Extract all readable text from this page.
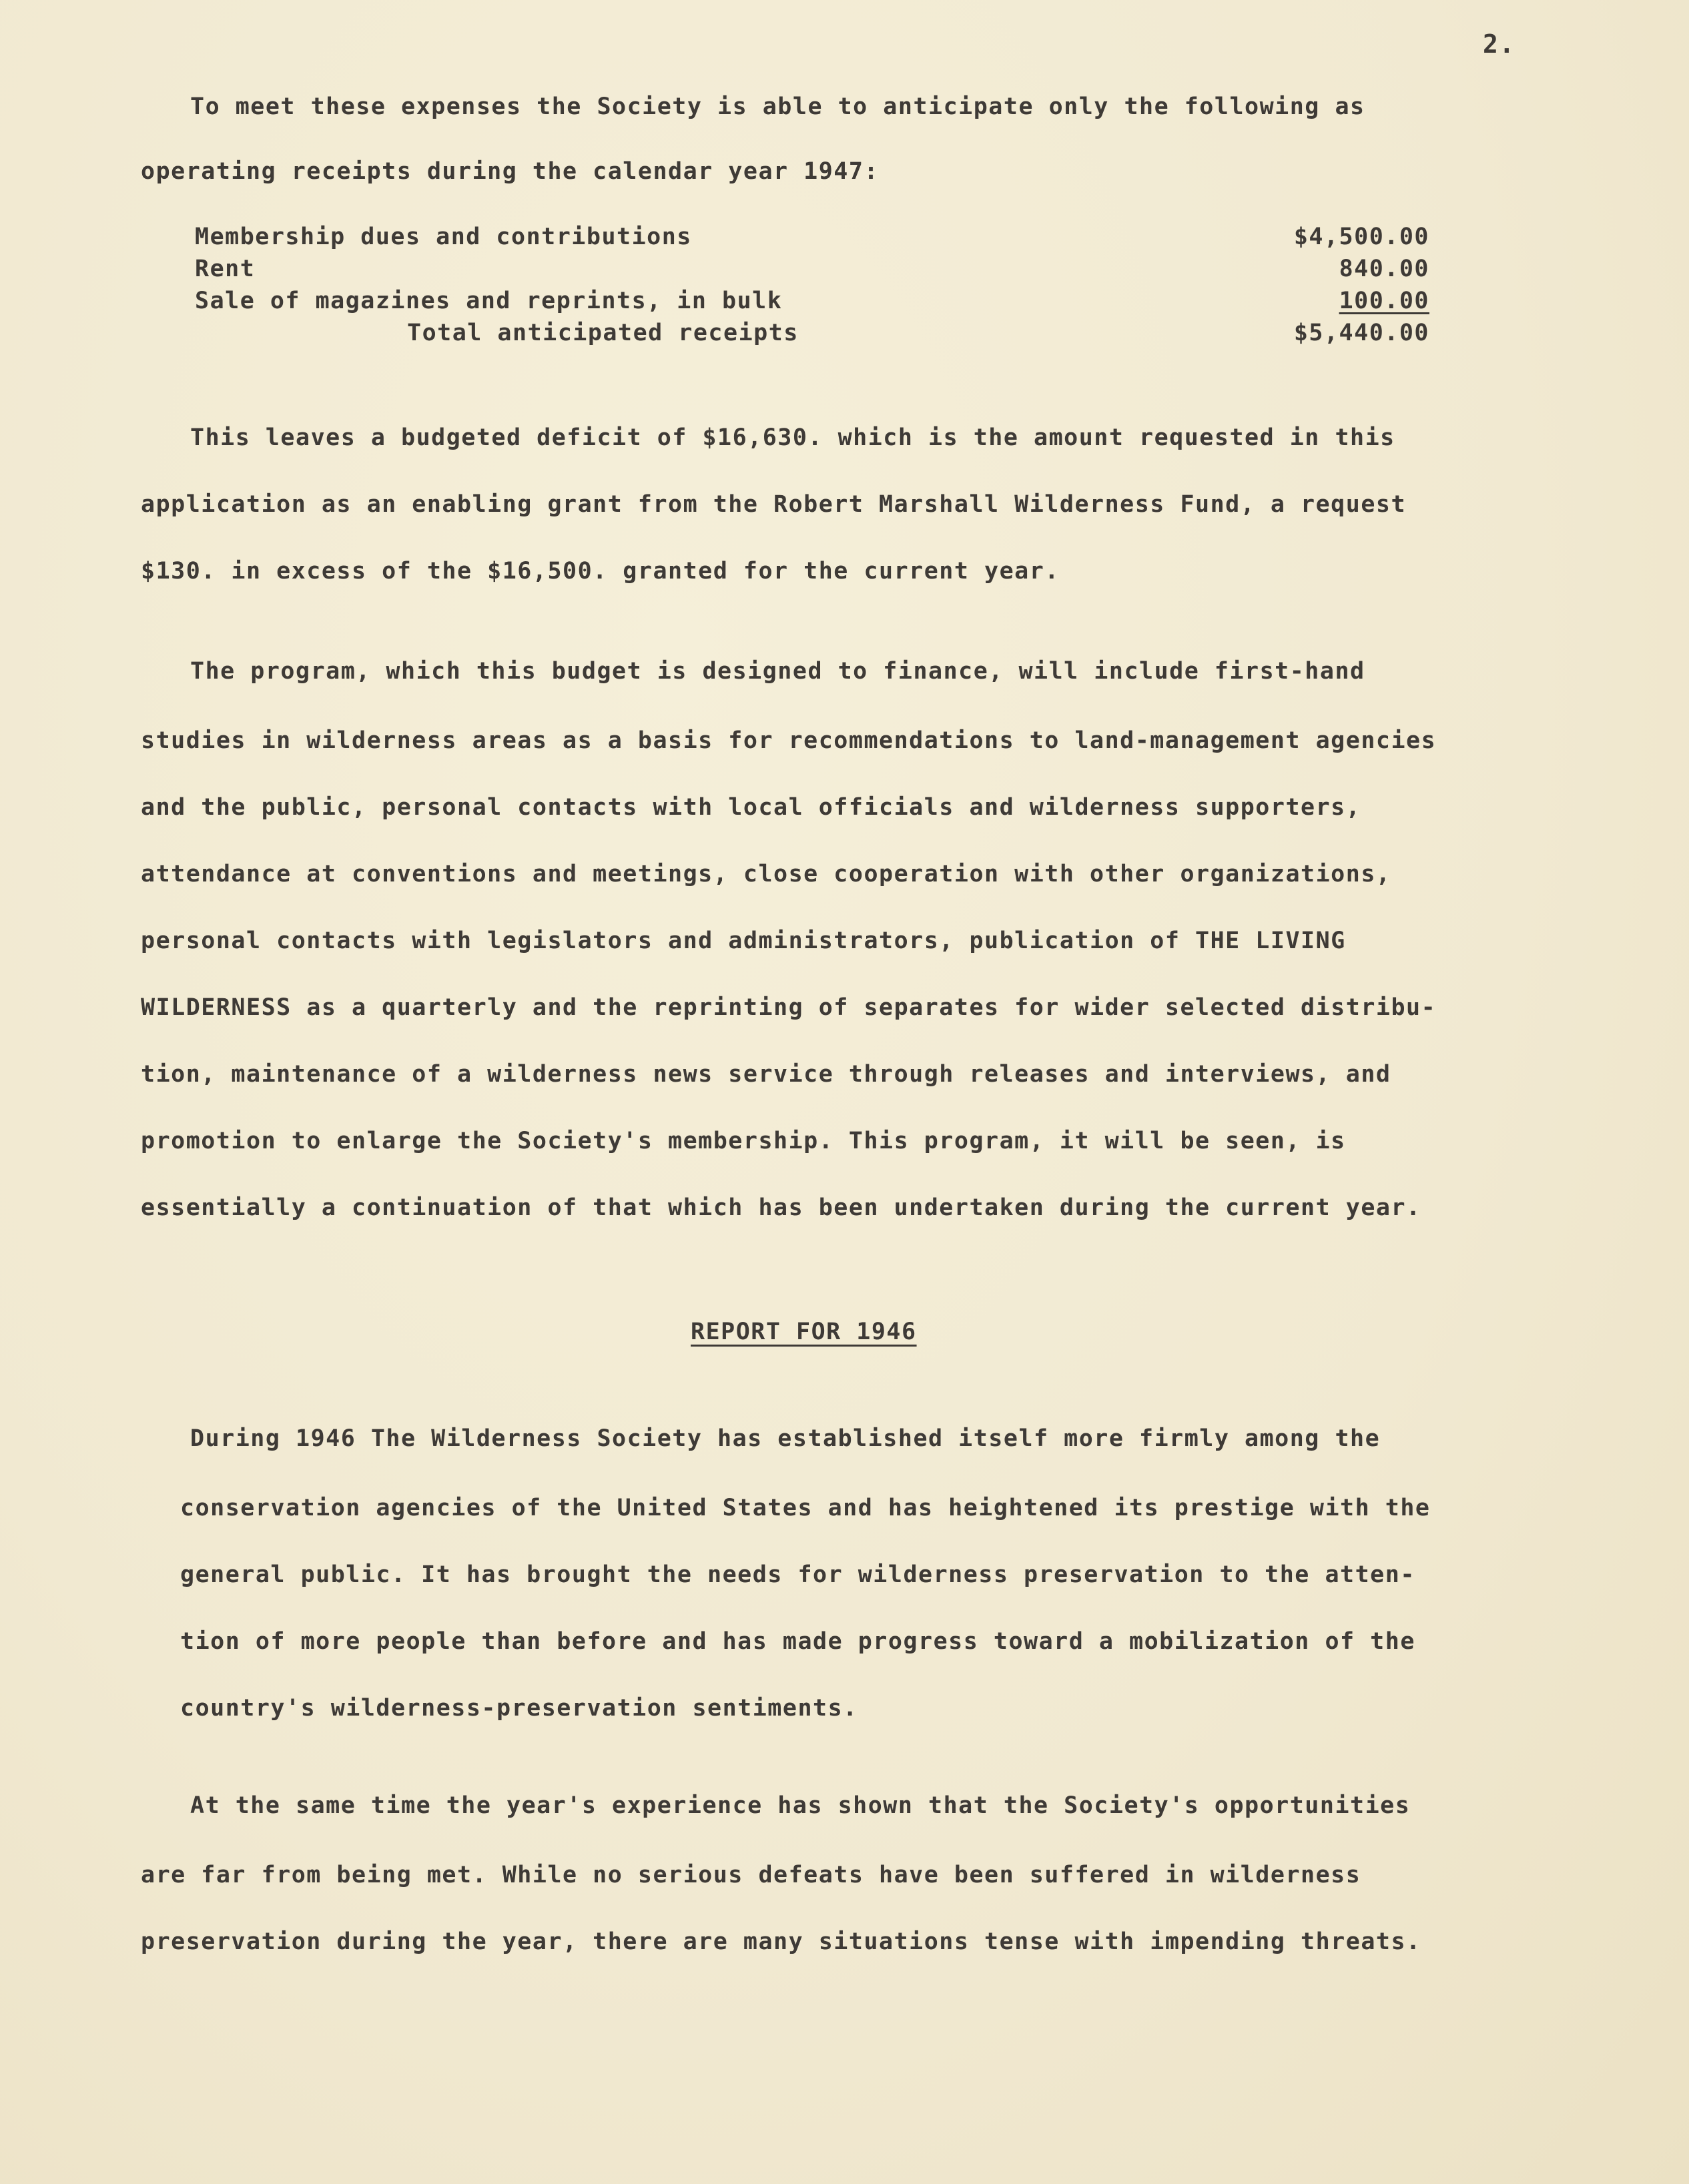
2.
To meet these expenses the Society is able to anticipate only the following as
operating receipts during the calendar year 1947:
Membership dues and contributions	$4,500.00
Rent	840.00
Sale of magazines and reprints, in bulk	100.00
Total anticipated receipts	$5,440.00
This leaves a budgeted deficit of $16,630. which is the amount requested in this
application as an enabling grant from the Robert Marshall Wilderness Fund, a request
$130. in excess of the $16,500. granted for the current year.
The program, which this budget is designed to finance, will include first-hand
studies in wilderness areas as a basis for recommendations to land-management agencies
and the public, personal contacts with local officials and wilderness supporters,
attendance at conventions and meetings, close cooperation with other organizations,
personal contacts with legislators and administrators, publication of THE LIVING
WILDERNESS as a quarterly and the reprinting of separates for wider selected distribu-
tion, maintenance of a wilderness news service through releases and interviews, and
promotion to enlarge the Society's membership. This program, it will be seen, is
essentially a continuation of that which has been undertaken during the current year.
REPORT FOR 1946
During 1946 The Wilderness Society has established itself more firmly among the
conservation agencies of the United States and has heightened its prestige with the
general public. It has brought the needs for wilderness preservation to the atten-
tion of more people than before and has made progress toward a mobilization of the
country's wilderness-preservation sentiments.
At the same time the year's experience has shown that the Society's opportunities
are far from being met. While no serious defeats have been suffered in wilderness
preservation during the year, there are many situations tense with impending threats.
